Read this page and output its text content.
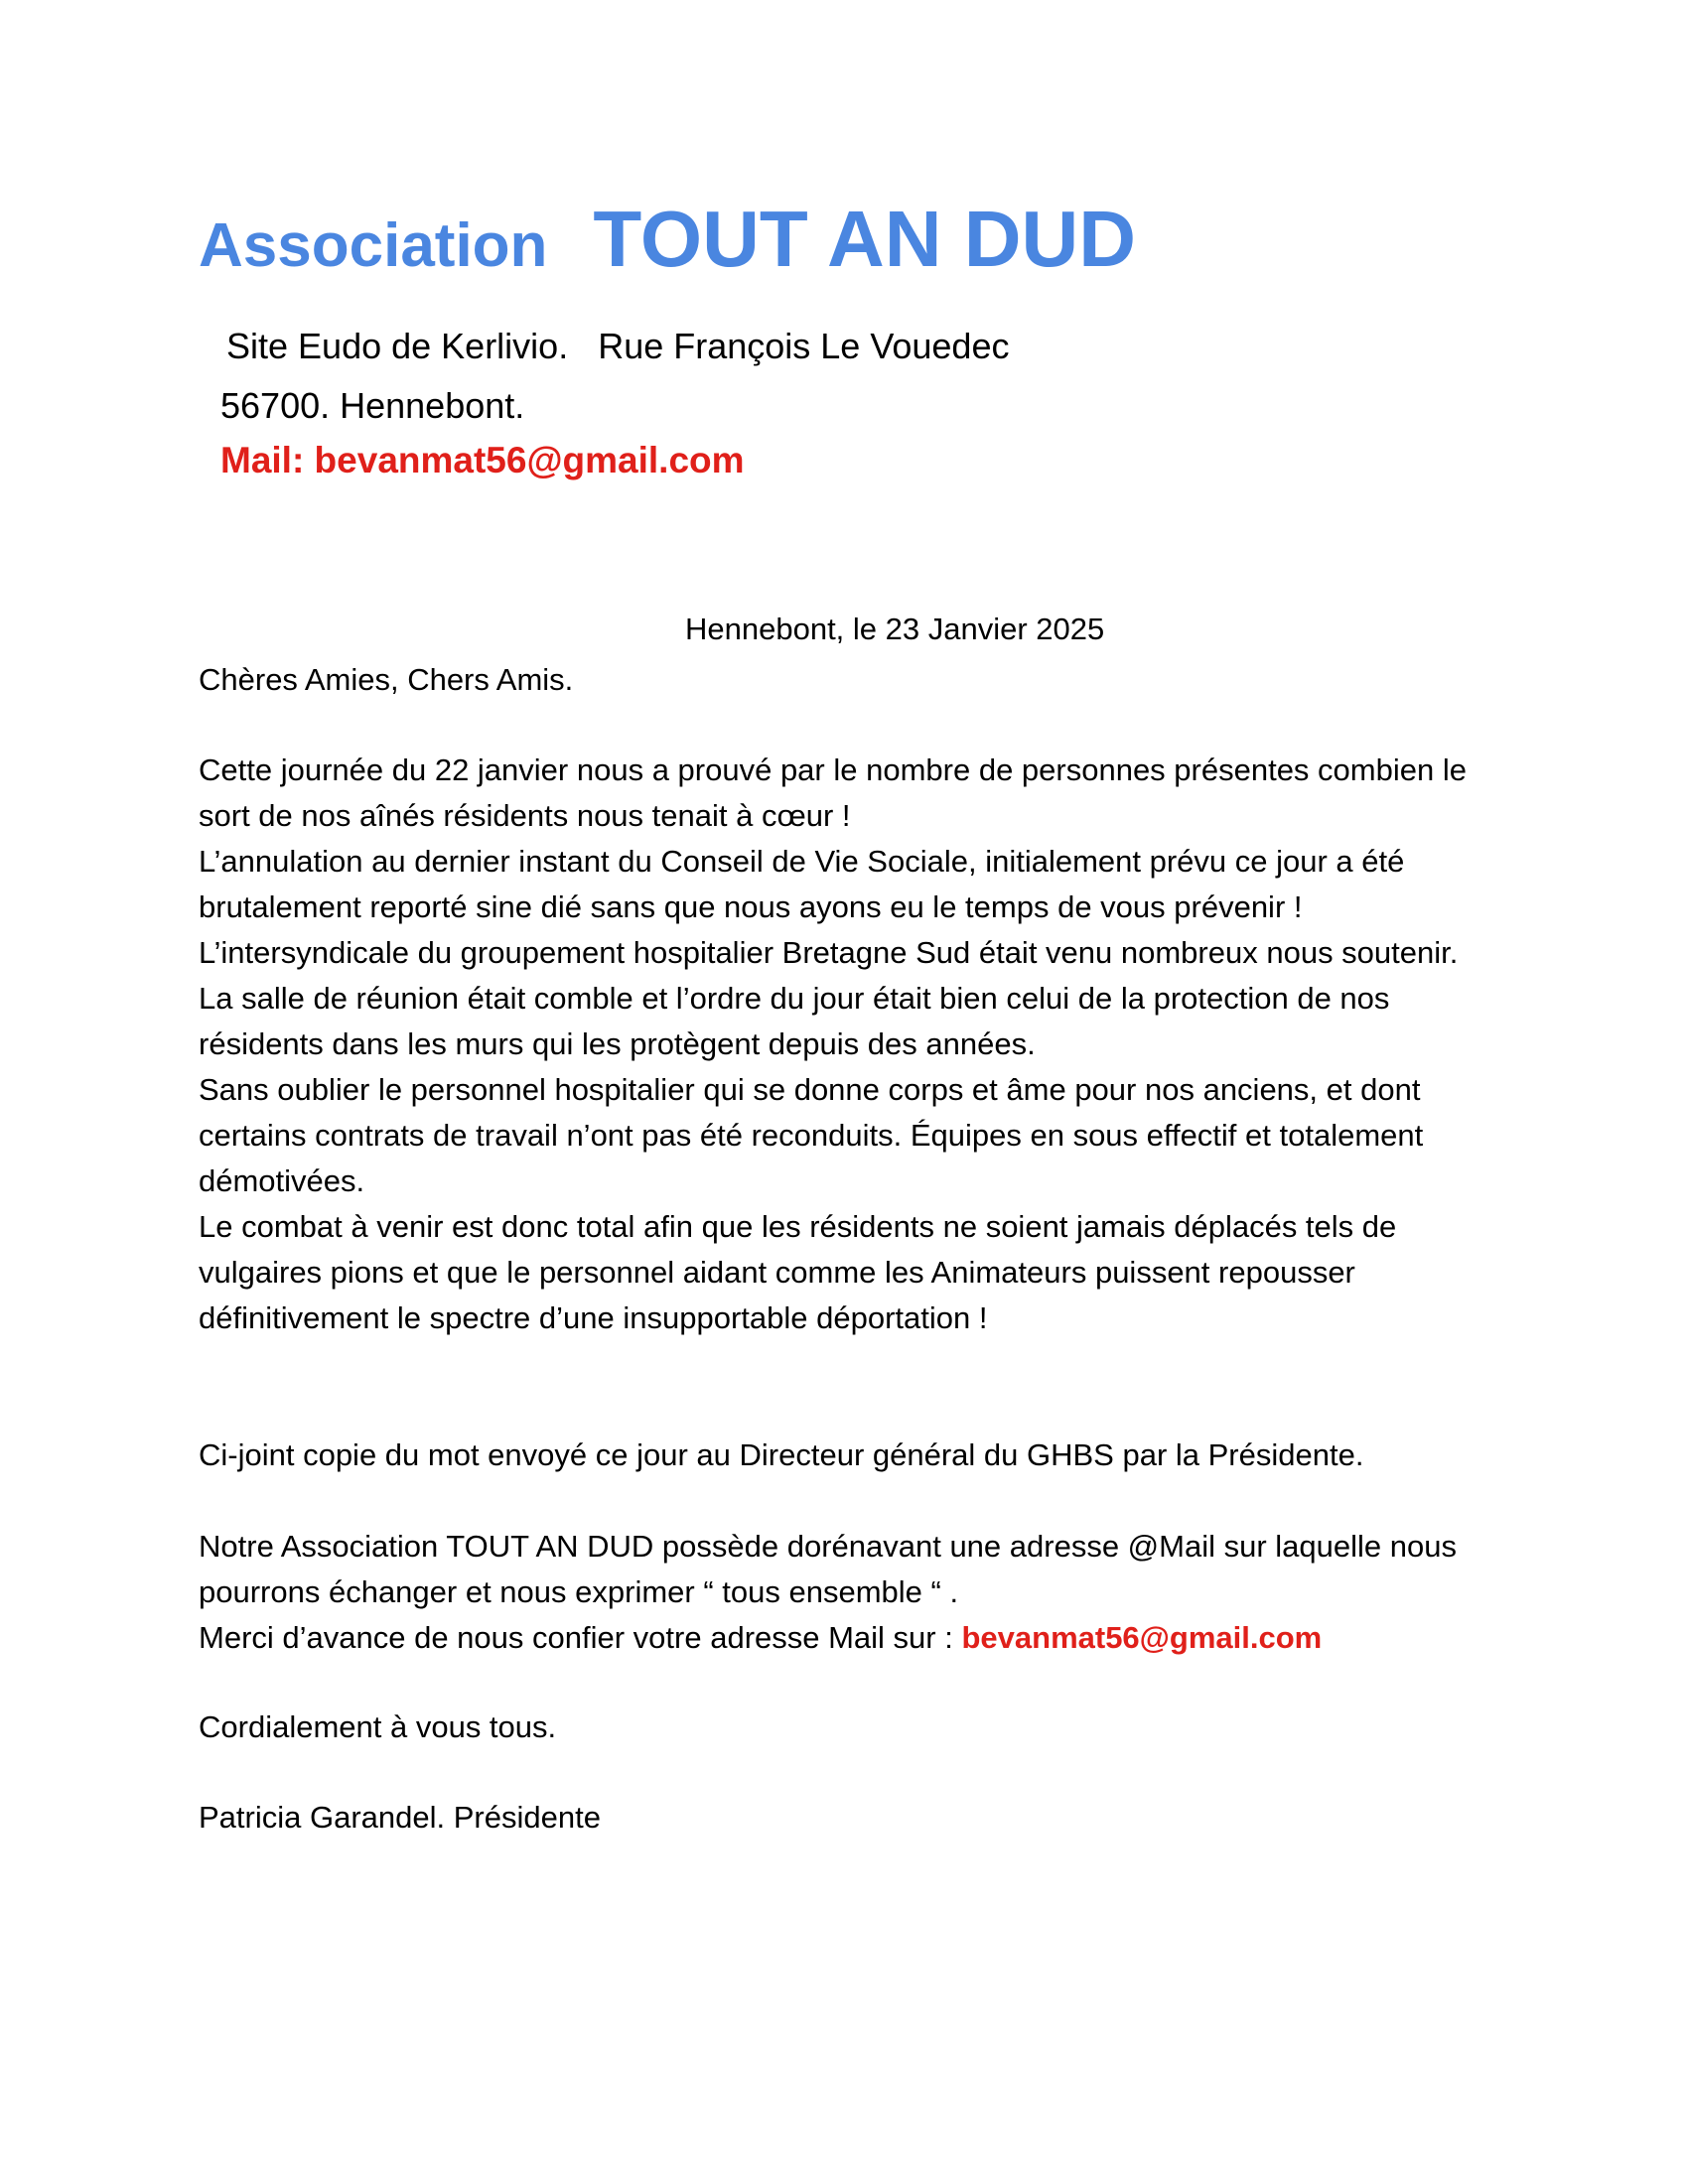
Association TOUT AN DUD
Site Eudo de Kerlivio. Rue François Le Vouedec
56700. Hennebont.
Mail: bevanmat56@gmail.com
Hennebont, le 23 Janvier 2025

Chères Amies, Chers Amis.

Cette journée du 22 janvier nous a prouvé par le nombre de personnes présentes combien le sort de nos aînés résidents nous tenait à cœur !

L’annulation au dernier instant du Conseil de Vie Sociale, initialement prévu ce jour a été brutalement reporté sine dié sans que nous ayons eu le temps de vous prévenir !

L’intersyndicale du groupement hospitalier Bretagne Sud était venu nombreux nous soutenir.

La salle de réunion était comble et l’ordre du jour était bien celui de la protection de nos résidents dans les murs qui les protègent depuis des années.

Sans oublier le personnel hospitalier qui se donne corps et âme pour nos anciens, et dont certains contrats de travail n’ont pas été reconduits. Équipes en sous effectif et totalement démotivées.

Le combat à venir est donc total afin que les résidents ne soient jamais déplacés tels de vulgaires pions et que le personnel aidant comme les Animateurs puissent repousser définitivement le spectre d’une insupportable déportation !

Ci-joint copie du mot envoyé ce jour au Directeur général du GHBS par la Présidente.

Notre Association TOUT AN DUD possède dorénavant une adresse @Mail sur laquelle nous pourrons échanger et nous exprimer “ tous ensemble “ .

Merci d’avance de nous confier votre adresse Mail sur : bevanmat56@gmail.com

Cordialement à vous tous.

Patricia Garandel. Présidente
